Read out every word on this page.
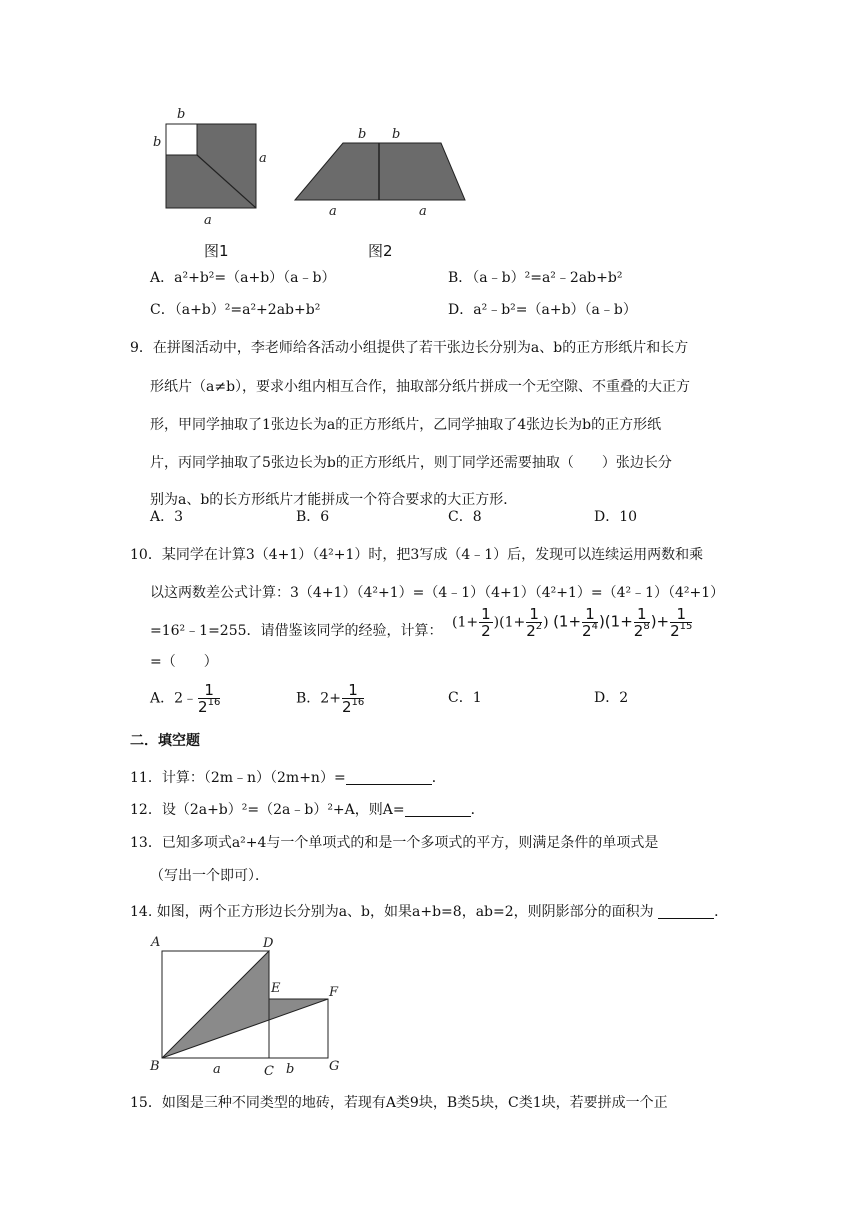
b
b
a
a
图1
b b
a	a
图2
A．a²+b²=（a+b）（a﹣b）	B．（a﹣b）²=a²﹣2ab+b²
C．（a+b）²=a²+2ab+b²	D．a²﹣b²=（a+b）（a﹣b）
9．在拼图活动中，李老师给各活动小组提供了若干张边长分别为a、b的正方形纸片和长方
形纸片（a≠b），要求小组内相互合作，抽取部分纸片拼成一个无空隙、不重叠的大正方
形，甲同学抽取了1张边长为a的正方形纸片，乙同学抽取了4张边长为b的正方形纸
片，丙同学抽取了5张边长为b的正方形纸片，则丁同学还需要抽取（　　）张边长分
别为a、b的长方形纸片才能拼成一个符合要求的大正方形．
A．3	B．6	C．8	D．10
10．某同学在计算3（4+1）（4²+1）时，把3写成（4﹣1）后，发现可以连续运用两数和乘
以这两数差公式计算：3（4+1）（4²+1）=（4﹣1）（4+1）（4²+1）=（4²﹣1）（4²+1）
=16²﹣1=255．请借鉴该同学的经验，计算：
$(1+ \frac{1}{2} )(1+ \frac{1}{2^2}$ ) $(1+ \frac{1}{2^4} )(1+ \frac{1}{2^8}$ )+ $\frac{1}{2^{15}}$
=（　　）
A．2﹣ $\frac{1}{2^{16}}$	B．$2+ \frac{1}{2^{16}}$	C．1	D．2
二．填空题
11．计算：（2m﹣n）（2m+n）=	．
12．设（2a+b）²=（2a﹣b）²+A，则A=	．
13．已知多项式a²+4与一个单项式的和是一个多项式的平方，则满足条件的单项式是
（写出一个即可）．
14. 如图，两个正方形边长分别为a、b，如果a+b=8，ab=2，则阴影部分的面积为	．
A	D
E	F
B	C	G
a	b
15．如图是三种不同类型的地砖，若现有A类9块，B类5块，C类1块，若要拼成一个正
